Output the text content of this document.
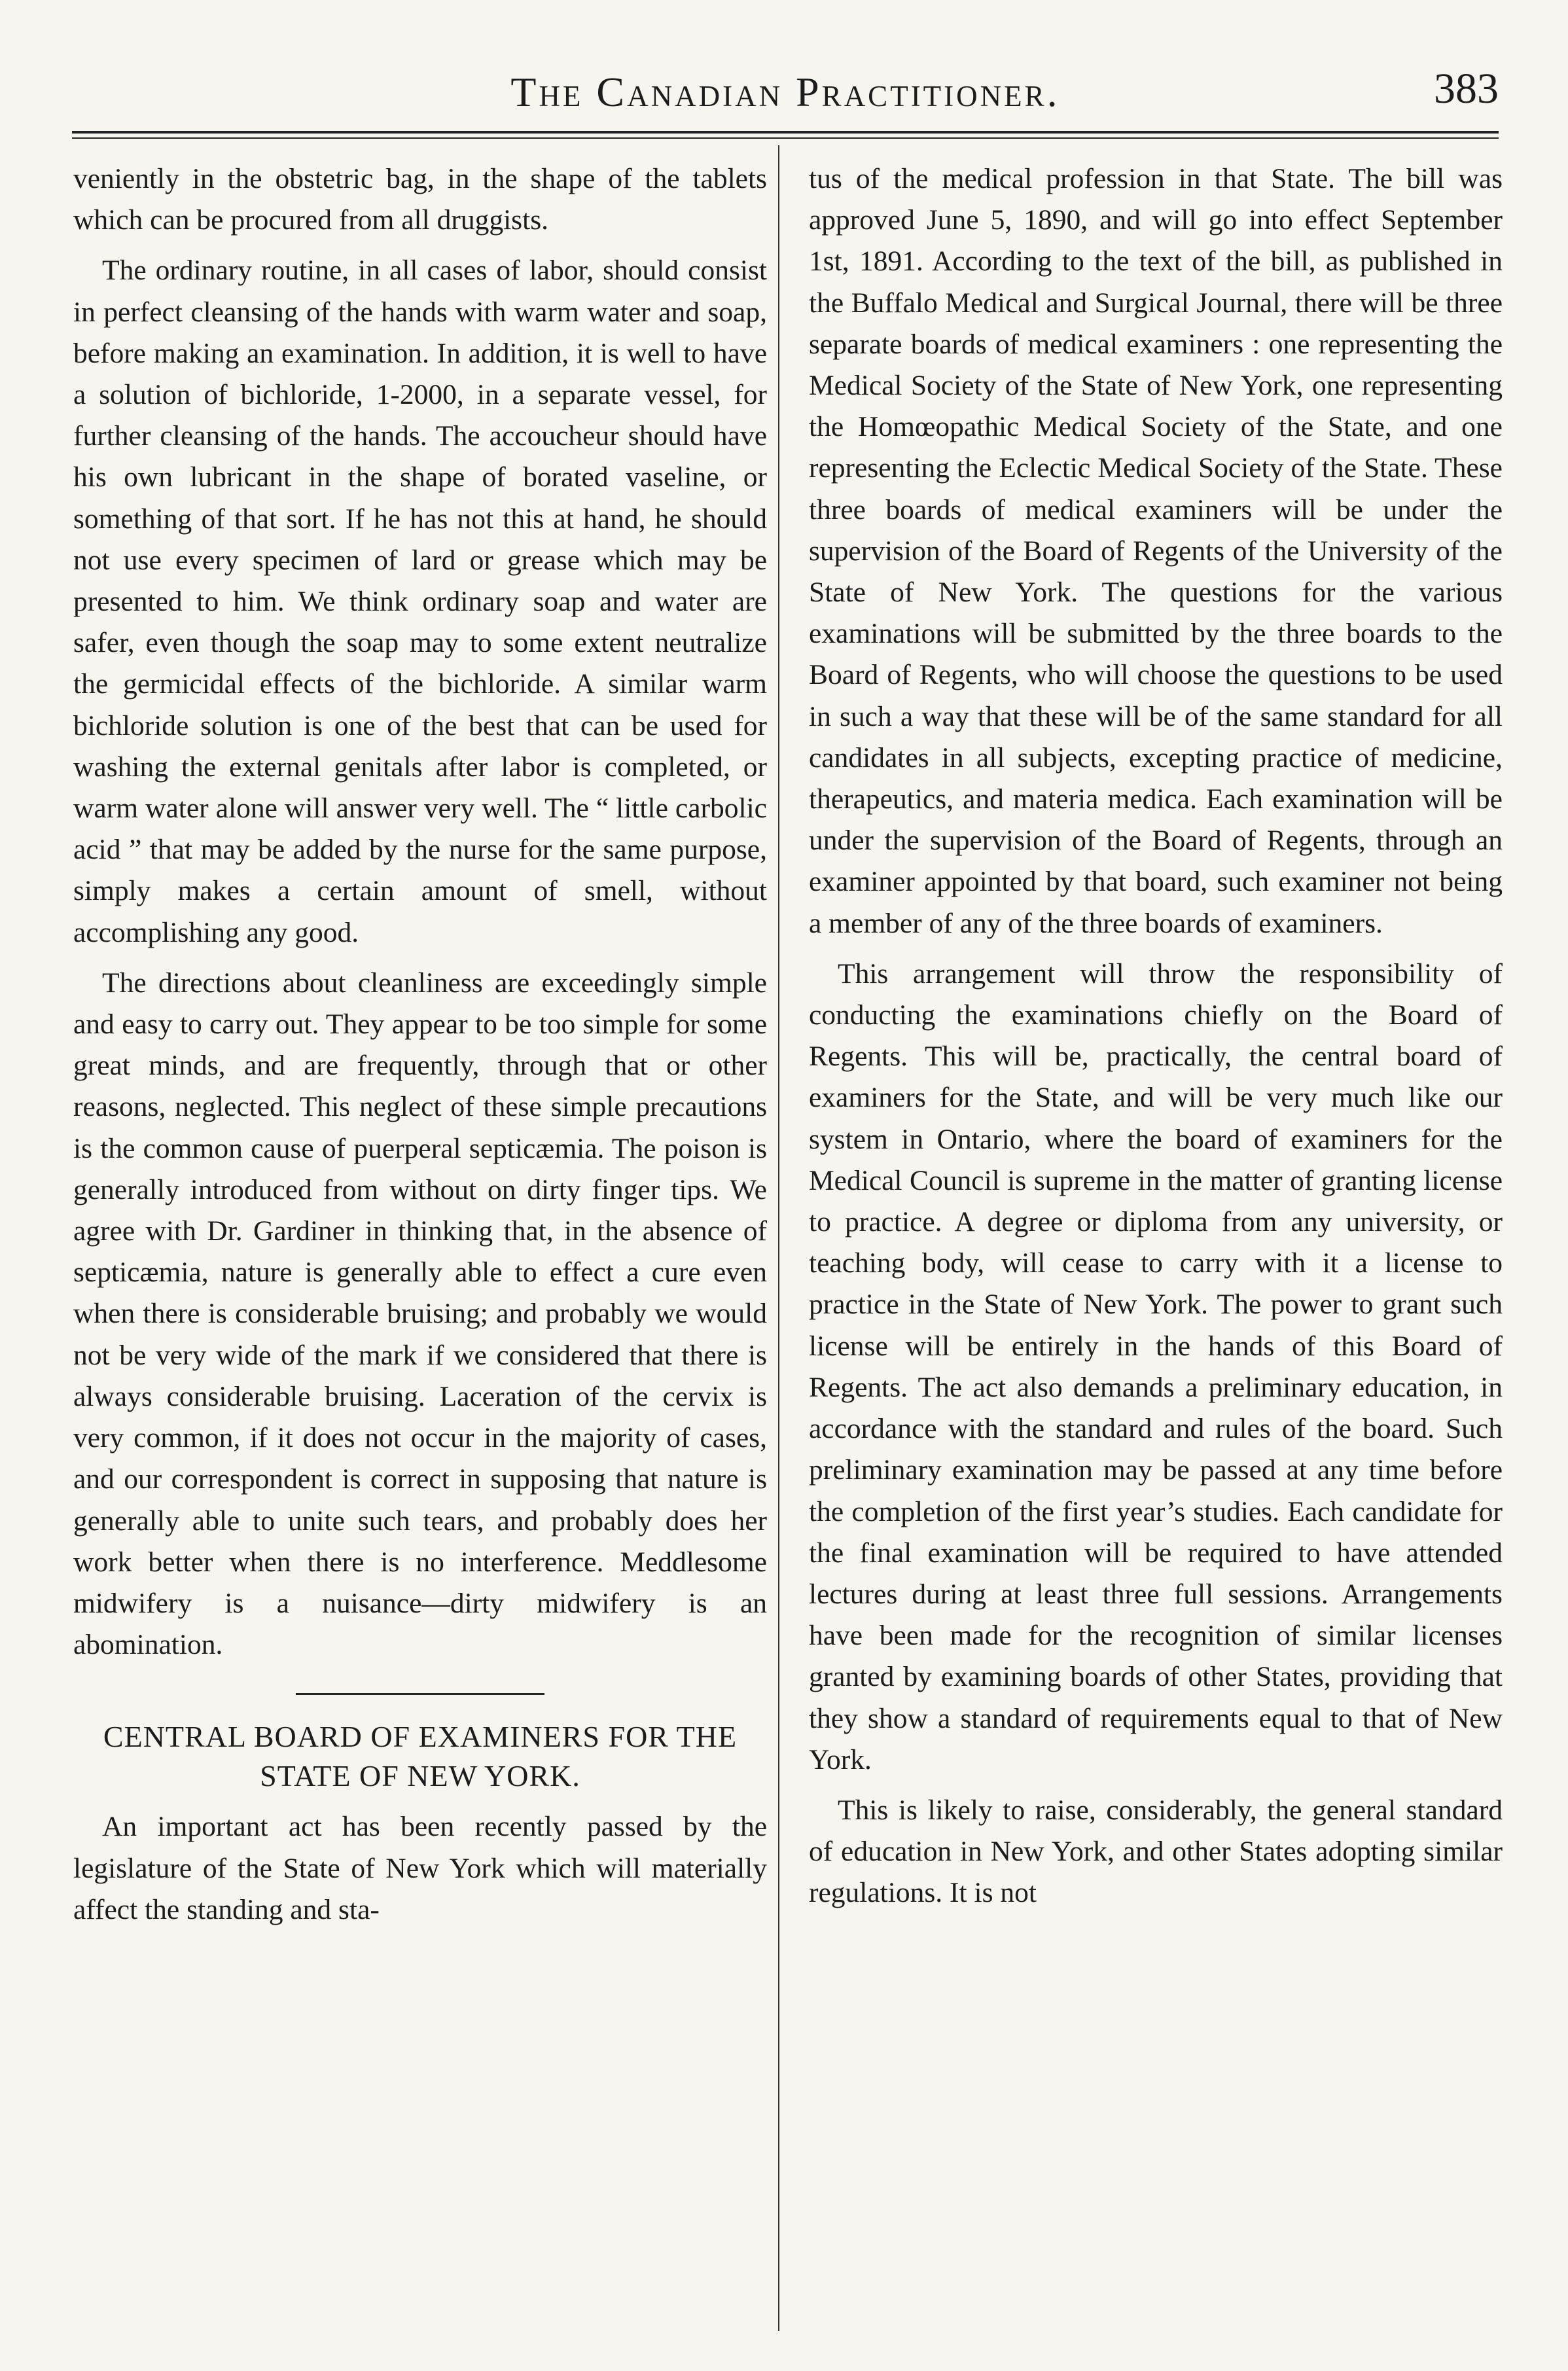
The Canadian Practitioner.	383

veniently in the obstetric bag, in the shape of the tablets which can be procured from all druggists.

The ordinary routine, in all cases of labor, should consist in perfect cleansing of the hands with warm water and soap, before making an examination. In addition, it is well to have a solution of bichloride, 1-2000, in a separate vessel, for further cleansing of the hands. The accoucheur should have his own lubricant in the shape of borated vaseline, or something of that sort. If he has not this at hand, he should not use every specimen of lard or grease which may be presented to him. We think ordinary soap and water are safer, even though the soap may to some extent neutralize the germicidal effects of the bichloride. A similar warm bichloride solution is one of the best that can be used for washing the external genitals after labor is completed, or warm water alone will answer very well. The “ little carbolic acid ” that may be added by the nurse for the same purpose, simply makes a certain amount of smell, without accomplishing any good.

The directions about cleanliness are exceedingly simple and easy to carry out. They appear to be too simple for some great minds, and are frequently, through that or other reasons, neglected. This neglect of these simple precautions is the common cause of puerperal septicæmia. The poison is generally introduced from without on dirty finger tips. We agree with Dr. Gardiner in thinking that, in the absence of septicæmia, nature is generally able to effect a cure even when there is considerable bruising; and probably we would not be very wide of the mark if we considered that there is always considerable bruising. Laceration of the cervix is very common, if it does not occur in the majority of cases, and our correspondent is correct in supposing that nature is generally able to unite such tears, and probably does her work better when there is no interference. Meddlesome midwifery is a nuisance—dirty midwifery is an abomination.

CENTRAL BOARD OF EXAMINERS FOR THE STATE OF NEW YORK.

An important act has been recently passed by the legislature of the State of New York which will materially affect the standing and sta-

tus of the medical profession in that State. The bill was approved June 5, 1890, and will go into effect September 1st, 1891. According to the text of the bill, as published in the Buffalo Medical and Surgical Journal, there will be three separate boards of medical examiners : one representing the Medical Society of the State of New York, one representing the Homœopathic Medical Society of the State, and one representing the Eclectic Medical Society of the State. These three boards of medical examiners will be under the supervision of the Board of Regents of the University of the State of New York. The questions for the various examinations will be submitted by the three boards to the Board of Regents, who will choose the questions to be used in such a way that these will be of the same standard for all candidates in all subjects, excepting practice of medicine, therapeutics, and materia medica. Each examination will be under the supervision of the Board of Regents, through an examiner appointed by that board, such examiner not being a member of any of the three boards of examiners.

This arrangement will throw the responsibility of conducting the examinations chiefly on the Board of Regents. This will be, practically, the central board of examiners for the State, and will be very much like our system in Ontario, where the board of examiners for the Medical Council is supreme in the matter of granting license to practice. A degree or diploma from any university, or teaching body, will cease to carry with it a license to practice in the State of New York. The power to grant such license will be entirely in the hands of this Board of Regents. The act also demands a preliminary education, in accordance with the standard and rules of the board. Such preliminary examination may be passed at any time before the completion of the first year’s studies. Each candidate for the final examination will be required to have attended lectures during at least three full sessions. Arrangements have been made for the recognition of similar licenses granted by examining boards of other States, providing that they show a standard of requirements equal to that of New York.

This is likely to raise, considerably, the general standard of education in New York, and other States adopting similar regulations. It is not
